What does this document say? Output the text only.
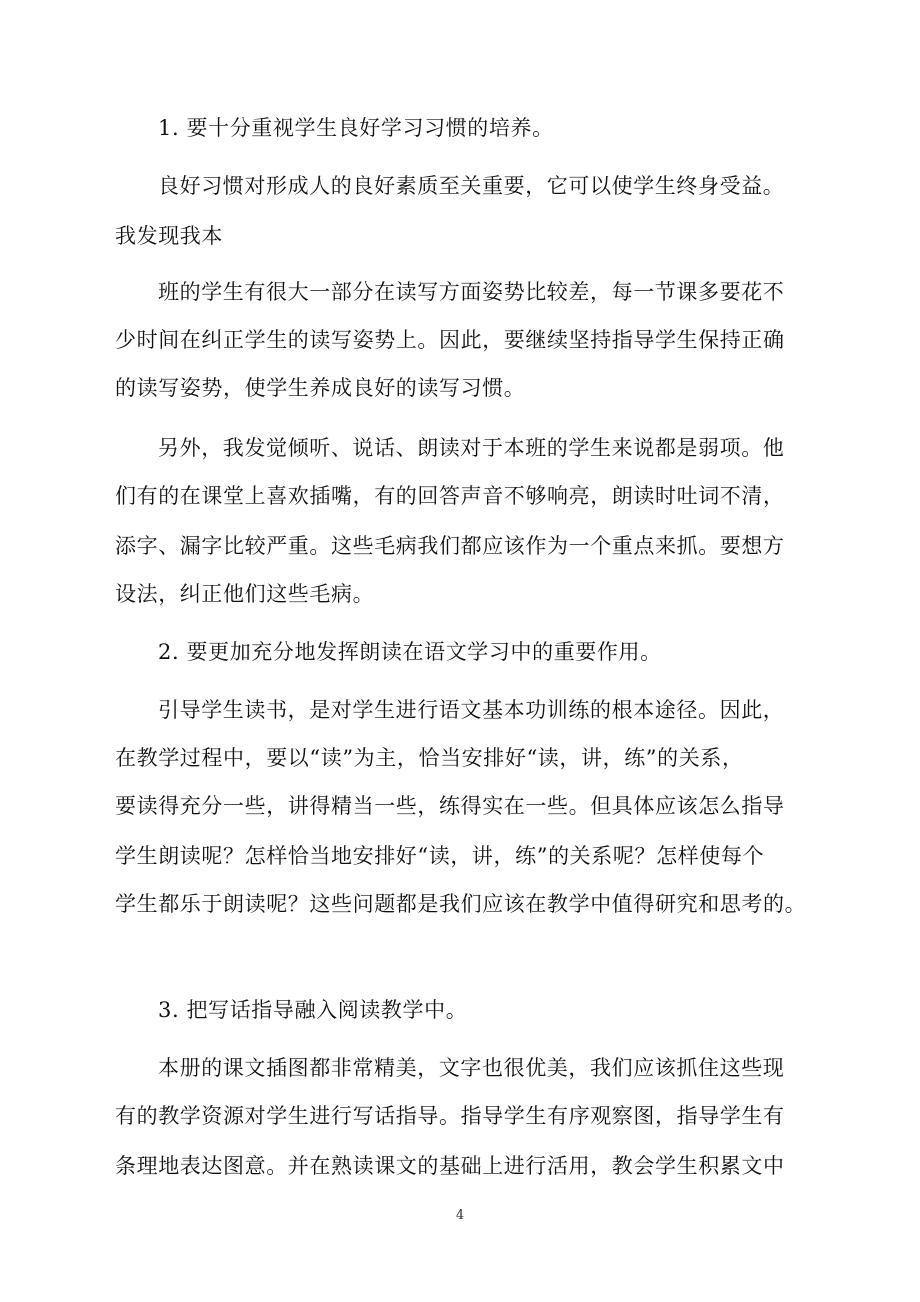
1. 要十分重视学生良好学习习惯的培养。
良好习惯对形成人的良好素质至关重要，它可以使学生终身受益。
我发现我本
班的学生有很大一部分在读写方面姿势比较差，每一节课多要花不
少时间在纠正学生的读写姿势上。因此，要继续坚持指导学生保持正确
的读写姿势，使学生养成良好的读写习惯。
另外，我发觉倾听、说话、朗读对于本班的学生来说都是弱项。他
们有的在课堂上喜欢插嘴，有的回答声音不够响亮，朗读时吐词不清，
添字、漏字比较严重。这些毛病我们都应该作为一个重点来抓。要想方
设法，纠正他们这些毛病。
2. 要更加充分地发挥朗读在语文学习中的重要作用。
引导学生读书，是对学生进行语文基本功训练的根本途径。因此，
在教学过程中，要以“读”为主，恰当安排好“读，讲，练”的关系，
要读得充分一些，讲得精当一些，练得实在一些。但具体应该怎么指导
学生朗读呢？怎样恰当地安排好“读，讲，练”的关系呢？怎样使每个
学生都乐于朗读呢？这些问题都是我们应该在教学中值得研究和思考的。
3. 把写话指导融入阅读教学中。
本册的课文插图都非常精美，文字也很优美，我们应该抓住这些现
有的教学资源对学生进行写话指导。指导学生有序观察图，指导学生有
条理地表达图意。并在熟读课文的基础上进行活用，教会学生积累文中
4
